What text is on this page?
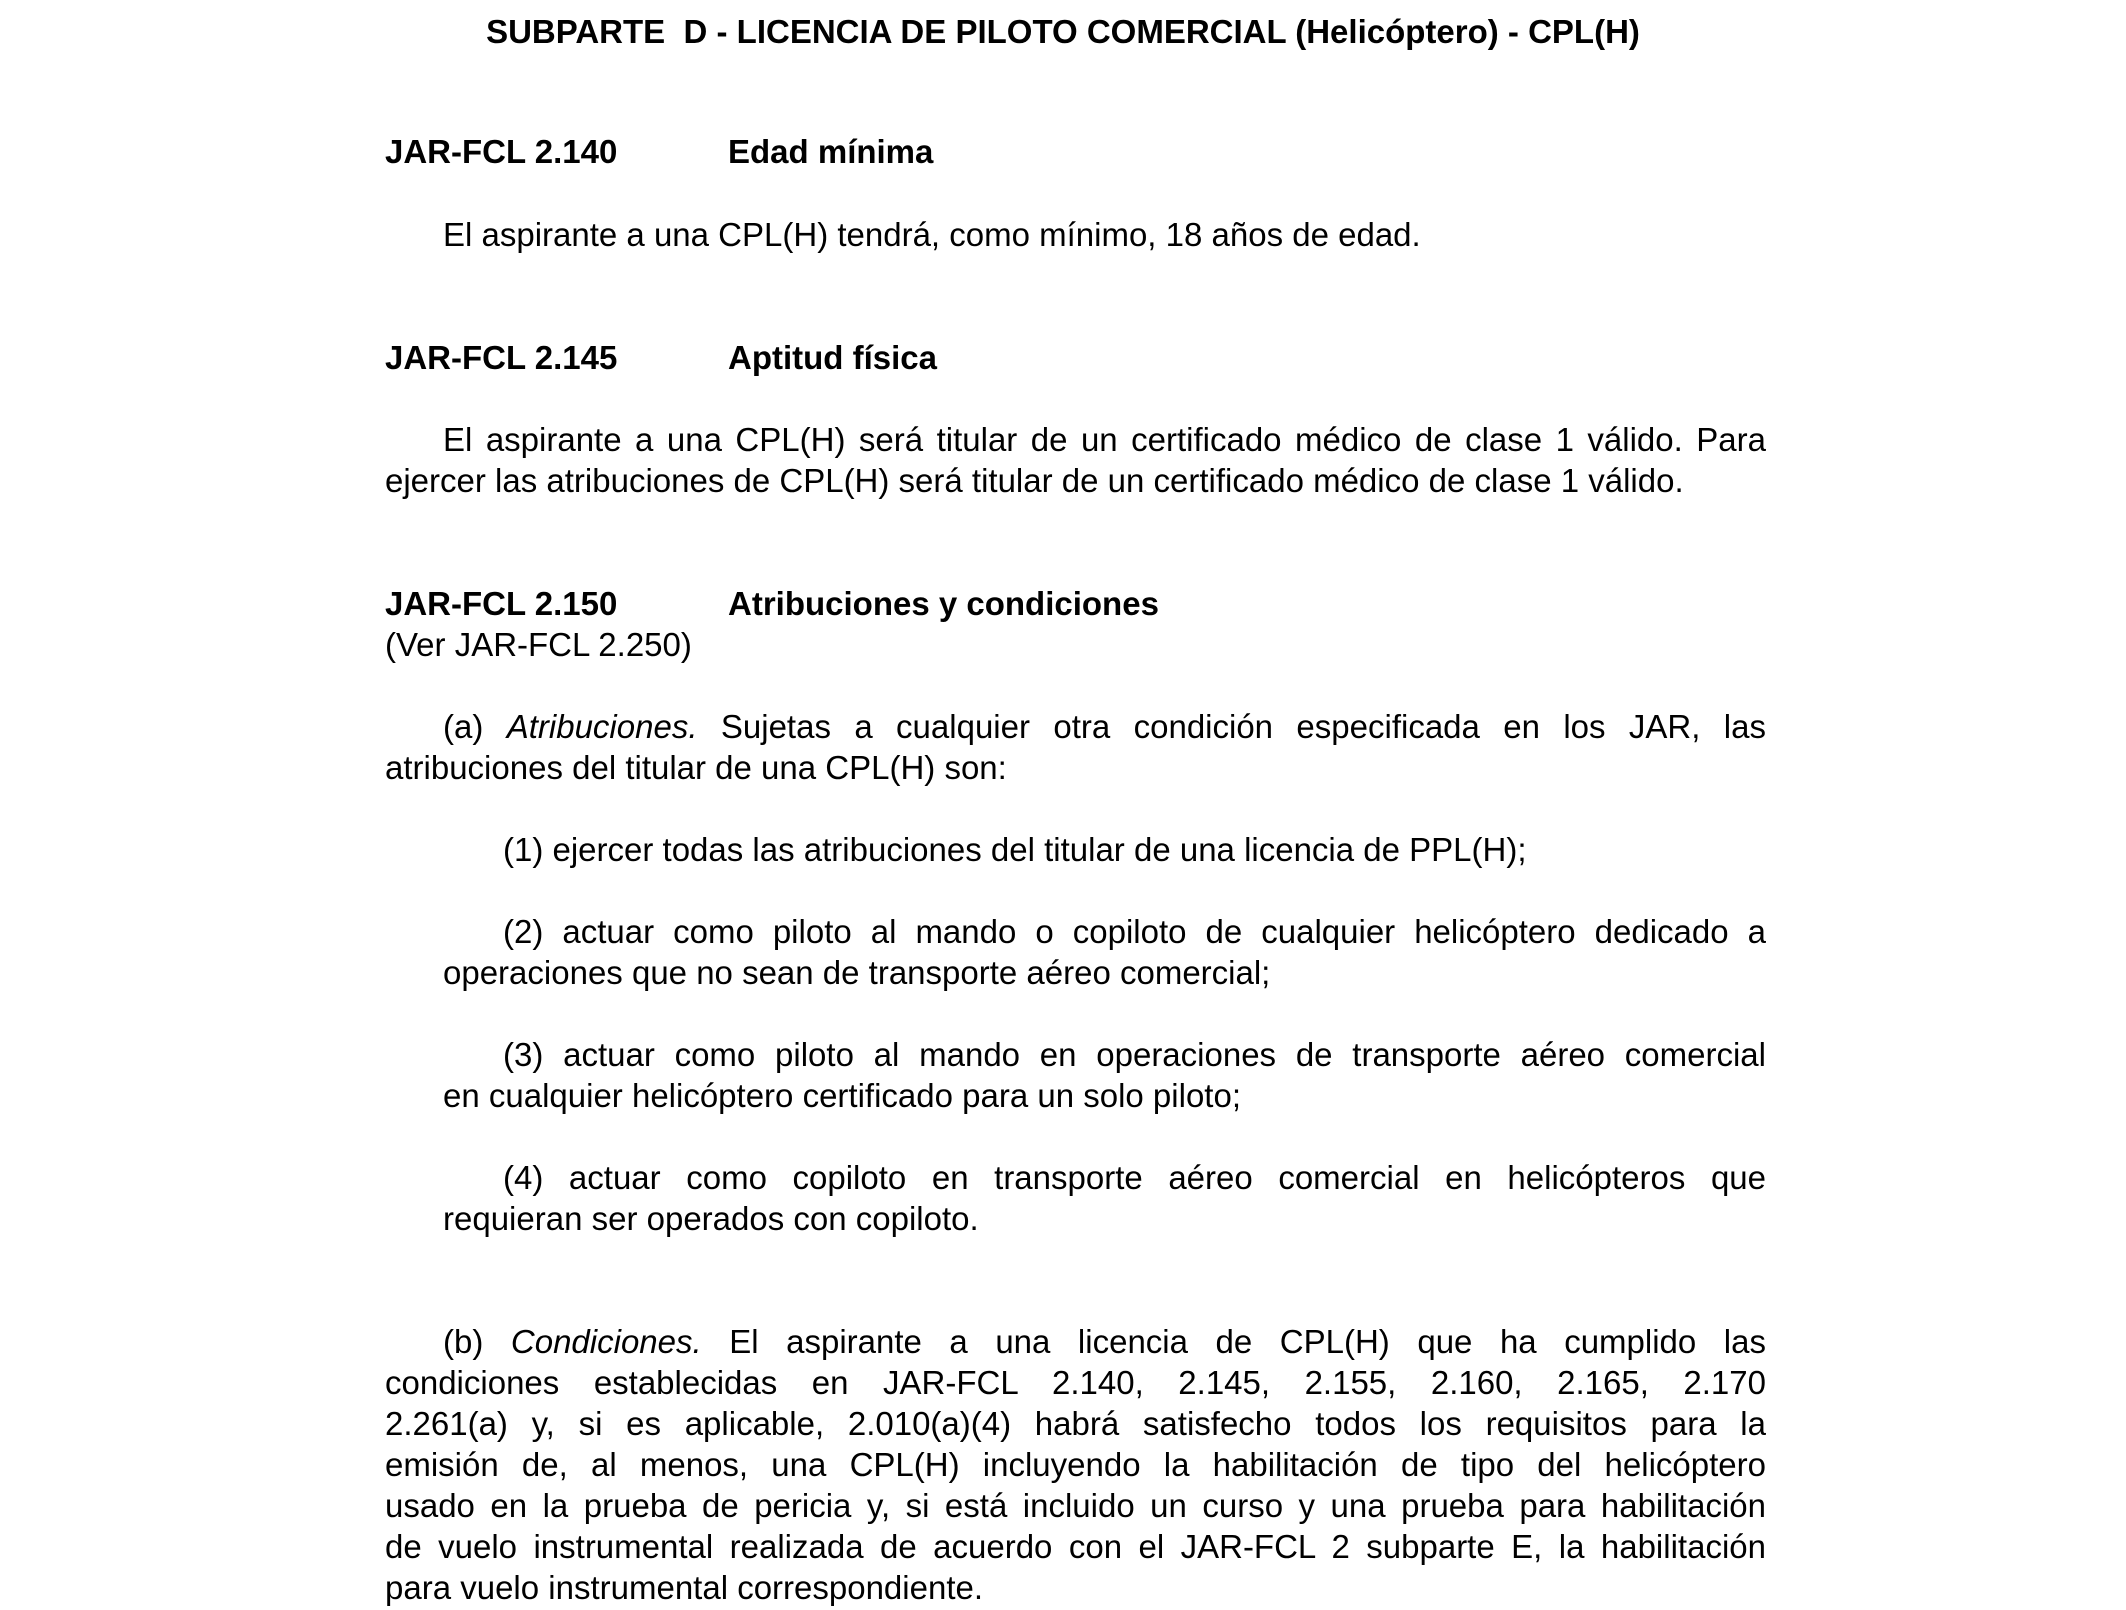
SUBPARTE  D - LICENCIA DE PILOTO COMERCIAL (Helicóptero) - CPL(H)
JAR-FCL 2.140	Edad mínima
El aspirante a una CPL(H) tendrá, como mínimo, 18 años de edad.
JAR-FCL 2.145	Aptitud física
El aspirante a una CPL(H) será titular de un certificado médico de clase 1 válido. Para
ejercer las atribuciones de CPL(H) será titular de un certificado médico de clase 1 válido.
JAR-FCL 2.150	Atribuciones y condiciones
(Ver JAR-FCL 2.250)
(a) Atribuciones. Sujetas a cualquier otra condición especificada en los JAR, las
atribuciones del titular de una CPL(H) son:
(1) ejercer todas las atribuciones del titular de una licencia de PPL(H);
(2) actuar como piloto al mando o copiloto de cualquier helicóptero dedicado a
operaciones que no sean de transporte aéreo comercial;
(3) actuar como piloto al mando en operaciones de transporte aéreo comercial
en cualquier helicóptero certificado para un solo piloto;
(4) actuar como copiloto en transporte aéreo comercial en helicópteros que
requieran ser operados con copiloto.
(b) Condiciones. El aspirante a una licencia de CPL(H) que ha cumplido las
condiciones establecidas en JAR-FCL 2.140, 2.145, 2.155, 2.160, 2.165, 2.170
2.261(a) y, si es aplicable, 2.010(a)(4) habrá satisfecho todos los requisitos para la
emisión de, al menos, una CPL(H) incluyendo la habilitación de tipo del helicóptero
usado en la prueba de pericia y, si está incluido un curso y una prueba para habilitación
de vuelo instrumental realizada de acuerdo con el JAR-FCL 2 subparte E, la habilitación
para vuelo instrumental correspondiente.
